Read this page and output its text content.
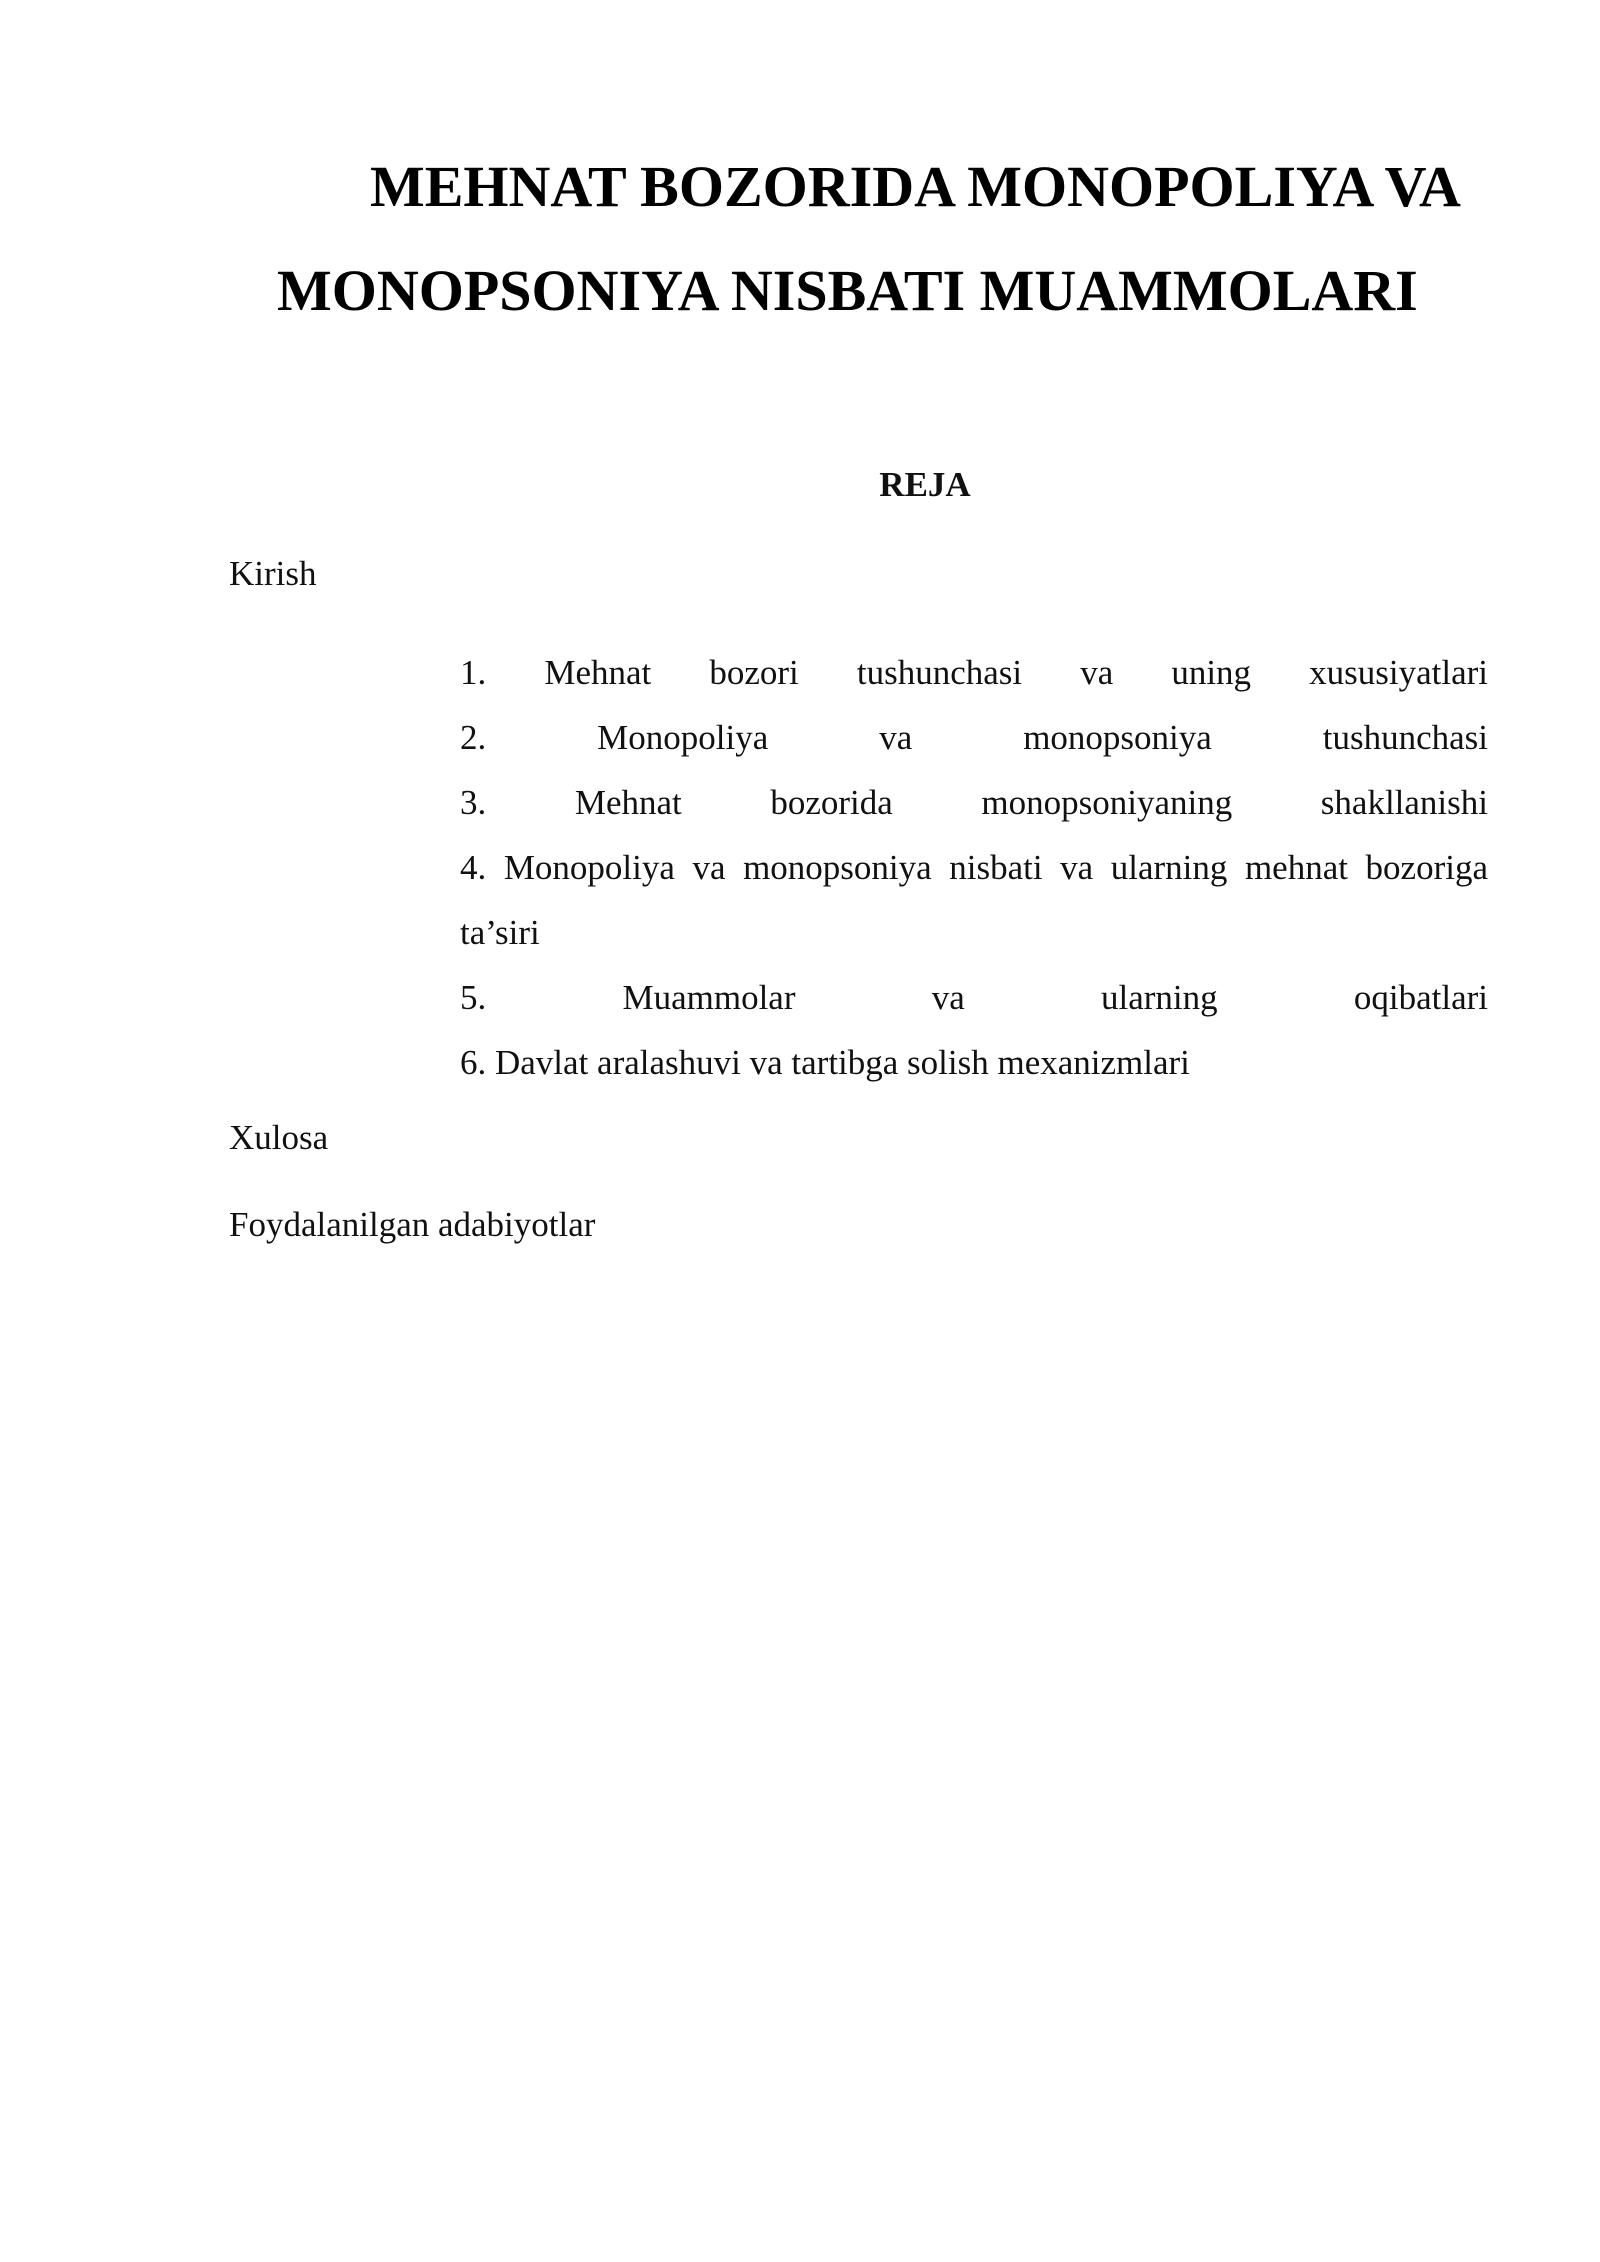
MEHNAT BOZORIDA MONOPOLIYA VA
MONOPSONIYA NISBATI MUAMMOLARI
REJA
Kirish
1. Mehnat bozori tushunchasi va uning xususiyatlari
2. Monopoliya va monopsoniya tushunchasi
3. Mehnat bozorida monopsoniyaning shakllanishi
4. Monopoliya va monopsoniya nisbati va ularning mehnat bozoriga ta’siri
5. Muammolar va ularning oqibatlari
6. Davlat aralashuvi va tartibga solish mexanizmlari
Xulosa
Foydalanilgan adabiyotlar
